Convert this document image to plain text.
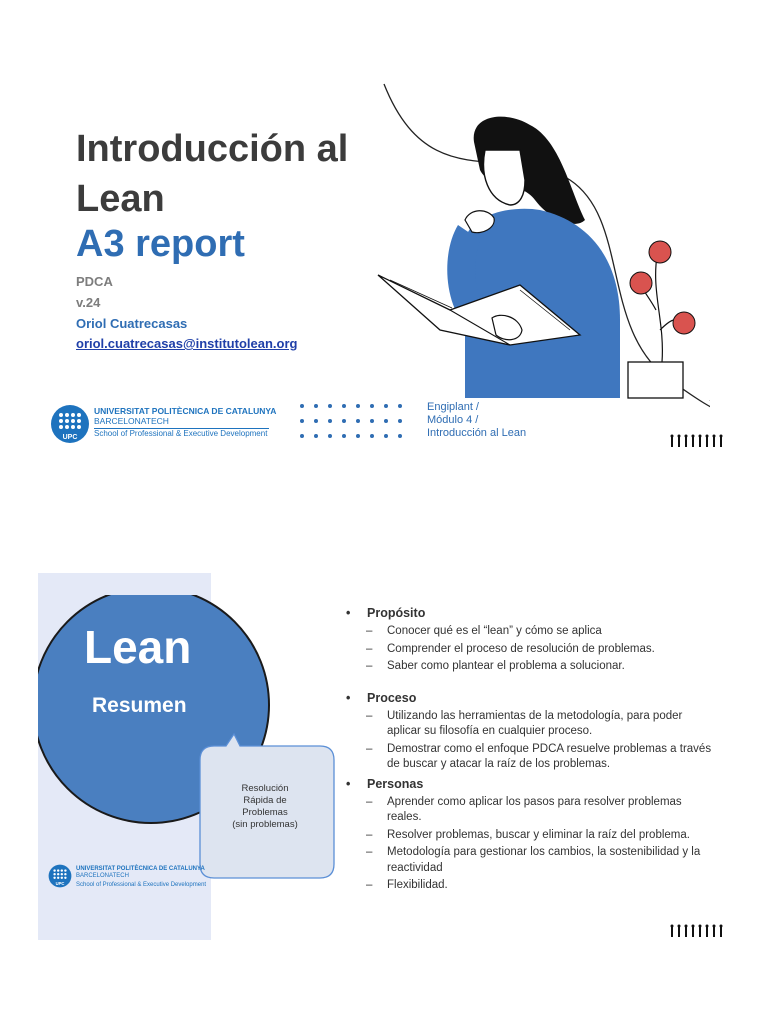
Introducción al
Lean
A3 report
PDCA
v.24
Oriol Cuatrecasas
oriol.cuatrecasas@institutolean.org
UPC
UNIVERSITAT POLITÈCNICA DE CATALUNYA
BARCELONATECH
School of Professional & Executive Development
Engiplant /
Módulo 4 /
Introducción al Lean
Lean
Resumen
Resolución
Rápida de
Problemas
(sin problemas)
UPC
UNIVERSITAT POLITÈCNICA DE CATALUNYA
BARCELONATECH
School of Professional & Executive Development
• Propósito
– Conocer qué es el “lean” y cómo se aplica
– Comprender el proceso de resolución de problemas.
– Saber como plantear el problema a solucionar.
• Proceso
– Utilizando las herramientas de la metodología, para poder aplicar su filosofía en cualquier proceso.
– Demostrar como el enfoque PDCA resuelve problemas a través de buscar y atacar la raíz de los problemas.
• Personas
– Aprender como aplicar los pasos para resolver problemas reales.
– Resolver problemas, buscar y eliminar la raíz del problema.
– Metodología para gestionar los cambios, la sostenibilidad y la reactividad
– Flexibilidad.
